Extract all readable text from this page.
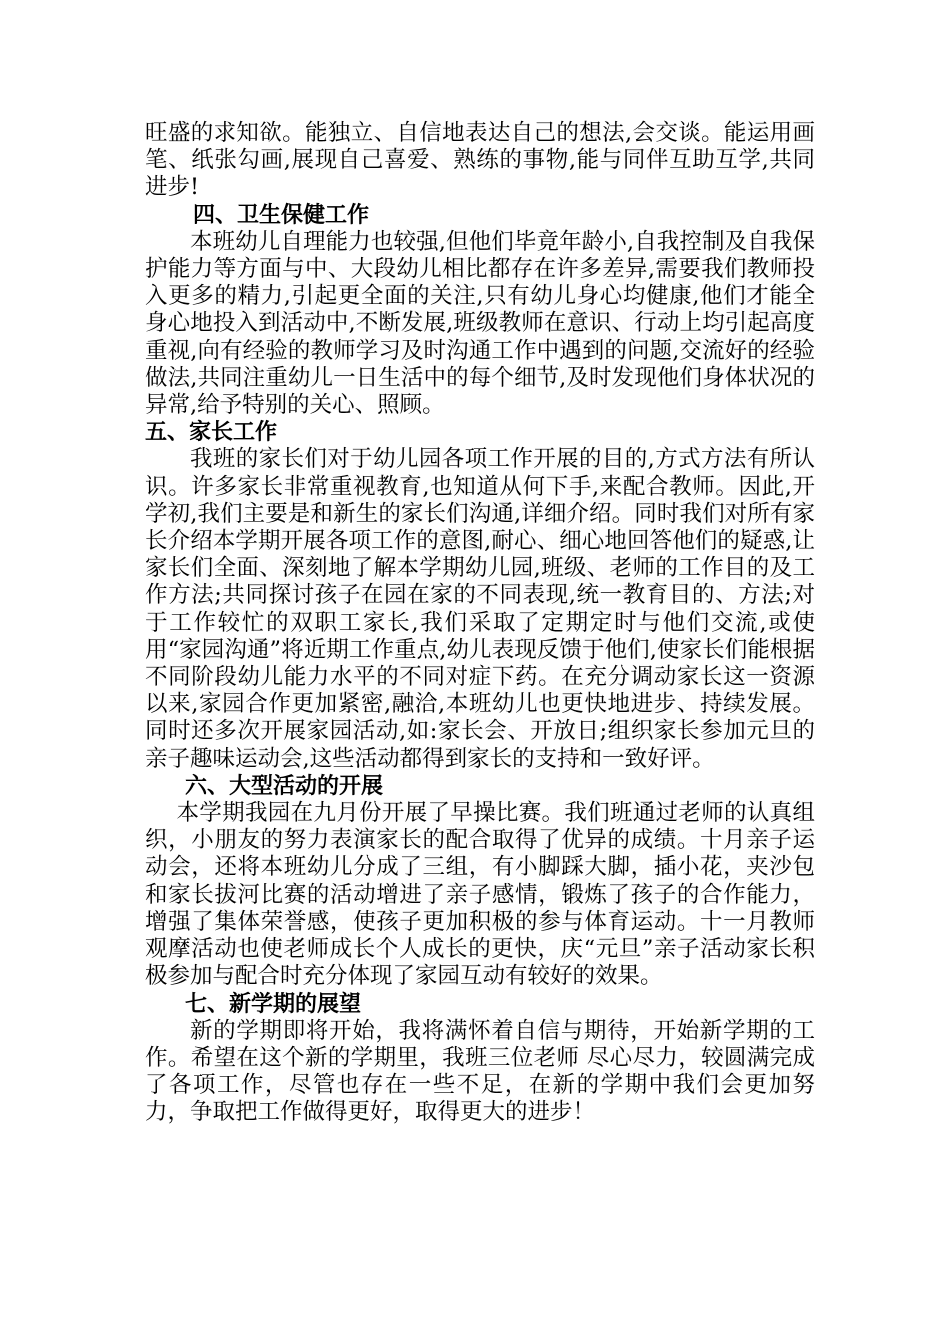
旺盛的求知欲。能独立、自信地表达自己的想法,会交谈。能运用画笔、纸张勾画,展现自己喜爱、熟练的事物,能与同伴互助互学,共同进步!

四、卫生保健工作

本班幼儿自理能力也较强,但他们毕竟年龄小,自我控制及自我保护能力等方面与中、大段幼儿相比都存在许多差异,需要我们教师投入更多的精力,引起更全面的关注,只有幼儿身心均健康,他们才能全身心地投入到活动中,不断发展,班级教师在意识、行动上均引起高度重视,向有经验的教师学习及时沟通工作中遇到的问题,交流好的经验做法,共同注重幼儿一日生活中的每个细节,及时发现他们身体状况的异常,给予特别的关心、照顾。

五、家长工作

我班的家长们对于幼儿园各项工作开展的目的,方式方法有所认识。许多家长非常重视教育,也知道从何下手,来配合教师。因此,开学初,我们主要是和新生的家长们沟通,详细介绍。同时我们对所有家长介绍本学期开展各项工作的意图,耐心、细心地回答他们的疑惑,让家长们全面、深刻地了解本学期幼儿园,班级、老师的工作目的及工作方法;共同探讨孩子在园在家的不同表现,统一教育目的、方法;对于工作较忙的双职工家长,我们采取了定期定时与他们交流,或使用“家园沟通”将近期工作重点,幼儿表现反馈于他们,使家长们能根据不同阶段幼儿能力水平的不同对症下药。在充分调动家长这一资源以来,家园合作更加紧密,融洽,本班幼儿也更快地进步、持续发展。同时还多次开展家园活动,如:家长会、开放日;组织家长参加元旦的亲子趣味运动会,这些活动都得到家长的支持和一致好评。

六、大型活动的开展

本学期我园在九月份开展了早操比赛。我们班通过老师的认真组织，小朋友的努力表演家长的配合取得了优异的成绩。十月亲子运动会，还将本班幼儿分成了三组，有小脚踩大脚，插小花，夹沙包和家长拔河比赛的活动增进了亲子感情，锻炼了孩子的合作能力，增强了集体荣誉感，使孩子更加积极的参与体育运动。十一月教师观摩活动也使老师成长个人成长的更快，庆“元旦”亲子活动家长积极参加与配合时充分体现了家园互动有较好的效果。

七、新学期的展望

新的学期即将开始，我将满怀着自信与期待，开始新学期的工作。希望在这个新的学期里，我班三位老师 尽心尽力，较圆满完成了各项工作，尽管也存在一些不足，在新的学期中我们会更加努力，争取把工作做得更好，取得更大的进步！
